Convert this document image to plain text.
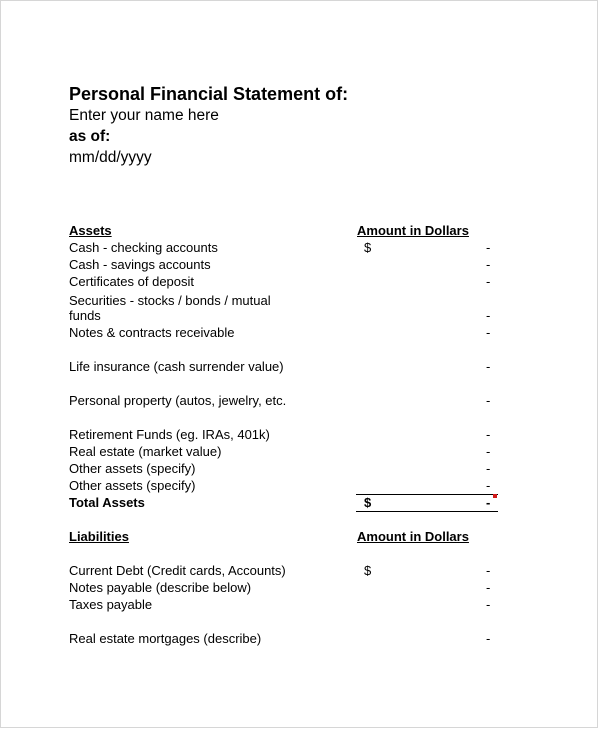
Personal Financial Statement of:
Enter your name here
as of:
mm/dd/yyyy
Assets	Amount in Dollars
Cash - checking accounts	$	-
Cash - savings accounts	-
Certificates of deposit	-
Securities - stocks / bonds / mutual
funds	-
Notes & contracts receivable	-
Life insurance (cash surrender value)	-
Personal property (autos, jewelry, etc.	-
Retirement Funds (eg. IRAs, 401k)	-
Real estate (market value)	-
Other assets (specify)	-
Other assets (specify)	-
Total Assets	$	-
Liabilities	Amount in Dollars
Current Debt (Credit cards, Accounts)	$	-
Notes payable (describe below)	-
Taxes payable	-
Real estate mortgages (describe)	-
